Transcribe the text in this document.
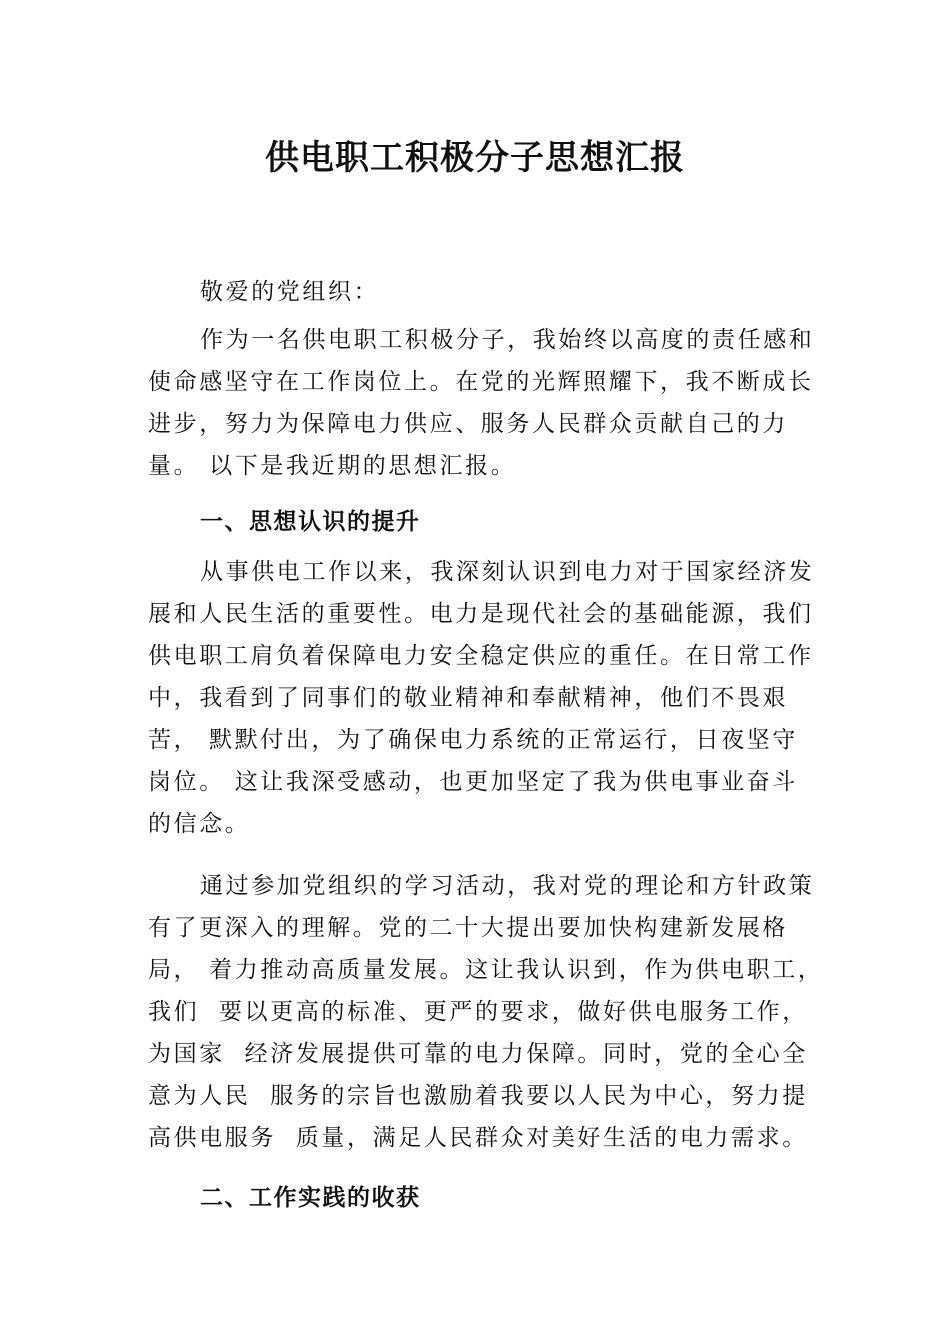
供电职工积极分子思想汇报

敬爱的党组织：

作为一名供电职工积极分子，我始终以高度的责任感和

使命感坚守在工作岗位上。在党的光辉照耀下，我不断成长

进步，努力为保障电力供应、服务人民群众贡献自己的力

量。 以下是我近期的思想汇报。

一、思想认识的提升

从事供电工作以来，我深刻认识到电力对于国家经济发

展和人民生活的重要性。电力是现代社会的基础能源，我们

供电职工肩负着保障电力安全稳定供应的重任。在日常工作

中，我看到了同事们的敬业精神和奉献精神，他们不畏艰

苦， 默默付出，为了确保电力系统的正常运行，日夜坚守

岗位。 这让我深受感动，也更加坚定了我为供电事业奋斗

的信念。

通过参加党组织的学习活动，我对党的理论和方针政策

有了更深入的理解。党的二十大提出要加快构建新发展格

局， 着力推动高质量发展。这让我认识到，作为供电职工，

我们  要以更高的标准、更严的要求，做好供电服务工作，

为国家  经济发展提供可靠的电力保障。同时，党的全心全

意为人民  服务的宗旨也激励着我要以人民为中心，努力提

高供电服务  质量，满足人民群众对美好生活的电力需求。

二、工作实践的收获
